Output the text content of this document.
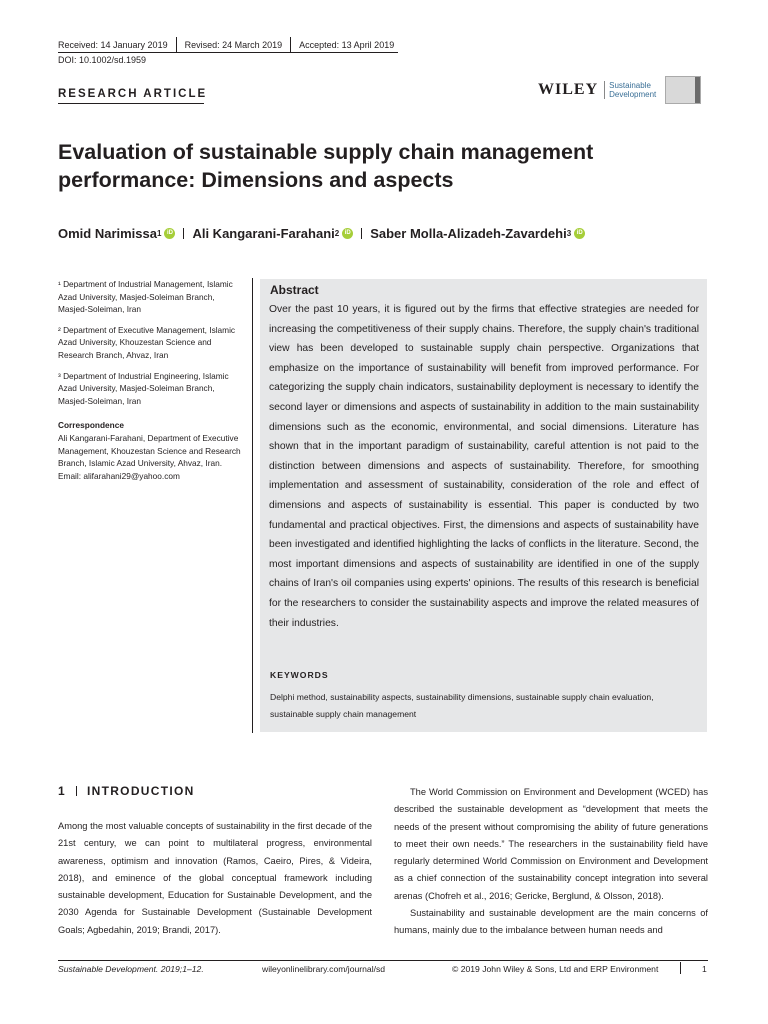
Received: 14 January 2019 Revised: 24 March 2019 Accepted: 13 April 2019
DOI: 10.1002/sd.1959
RESEARCH ARTICLE	WILEY Sustainable
Development
Evaluation of sustainable supply chain management performance: Dimensions and aspects
Omid Narimissa 1 iD Ali Kangarani-Farahani 2 iD Saber Molla-Alizadeh-Zavardehi 3 iD

¹ Department of Industrial Management, Islamic Azad University, Masjed-Soleiman Branch, Masjed-Soleiman, Iran

² Department of Executive Management, Islamic Azad University, Khouzestan Science and Research Branch, Ahvaz, Iran

³ Department of Industrial Engineering, Islamic Azad University, Masjed-Soleiman Branch, Masjed-Soleiman, Iran

Correspondence
Ali Kangarani-Farahani, Department of Executive Management, Khouzestan Science and Research Branch, Islamic Azad University, Ahvaz, Iran.
Email: alifarahani29@yahoo.com
Abstract
Over the past 10 years, it is figured out by the firms that effective strategies are needed for increasing the competitiveness of their supply chains. Therefore, the supply chain's traditional view has been developed to sustainable supply chain perspective. Organizations that emphasize on the importance of sustainability will benefit from improved performance. For categorizing the supply chain indicators, sustainability deployment is necessary to identify the second layer or dimensions and aspects of sustainability in addition to the main sustainability dimensions such as the economic, environmental, and social dimensions. Literature has shown that in the important paradigm of sustainability, careful attention is not paid to the distinction between dimensions and aspects of sustainability. Therefore, for smoothing implementation and assessment of sustainability, consideration of the role and effect of dimensions and aspects of sustainability is essential. This paper is conducted by two fundamental and practical objectives. First, the dimensions and aspects of sustainability have been investigated and identified highlighting the lacks of conflicts in the literature. Second, the most important dimensions and aspects of sustainability are identified in one of the supply chains of Iran's oil companies using experts' opinions. The results of this research is beneficial for the researchers to consider the sustainability aspects and improve the related measures of their industries.
KEYWORDS
Delphi method, sustainability aspects, sustainability dimensions, sustainable supply chain evaluation, sustainable supply chain management
1 INTRODUCTION

Among the most valuable concepts of sustainability in the first decade of the 21st century, we can point to multilateral progress, environmental awareness, optimism and innovation (Ramos, Caeiro, Pires, & Videira, 2018), and eminence of the global conceptual framework including sustainable development, Education for Sustainable Development, and the 2030 Agenda for Sustainable Development (Sustainable Development Goals; Agbedahin, 2019; Brandi, 2017).

The World Commission on Environment and Development (WCED) has described the sustainable development as “development that meets the needs of the present without compromising the ability of future generations to meet their own needs.” The researchers in the sustainability field have regularly determined World Commission on Environment and Development as a chief connection of the sustainability concept integration into several arenas (Chofreh et al., 2016; Gericke, Berglund, & Olsson, 2018).

Sustainability and sustainable development are the main concerns of humans, mainly due to the imbalance between human needs and

Sustainable Development. 2019;1–12.	wileyonlinelibrary.com/journal/sd	© 2019 John Wiley & Sons, Ltd and ERP Environment	1
